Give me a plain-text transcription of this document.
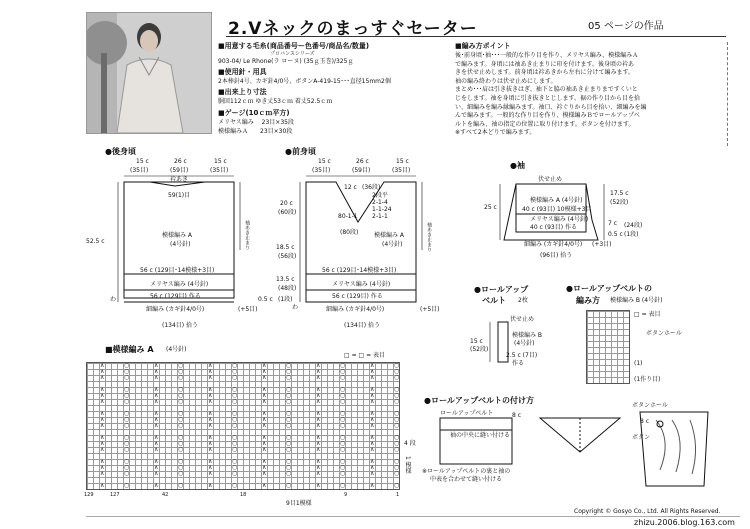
2.Vネックのまっすぐセーター	05 ページの作品
■用意する毛糸(商品番号ー色番号/商品名/数量)
プロバンスシリーズ
903-04/ Le Rhone(ラ ローヌ) (35ｇ玉巻)/325ｇ
■使用針・用具
2本棒針4号、カギ針4/0号、ボタンA-419-15･･･直径15mm2個
■出来上り寸法
胴回112ｃｍ ゆき丈53ｃｍ 着丈52.5ｃｍ
■ゲージ(10ｃｍ平方)
メリヤス編み　 23目×35段
模様編みＡ　　23目×30段
■編み方ポイント
後･前身頃･袖･･･一般的な作り目を作り、メリヤス編み、模様編みＡ
で編みます。身頃には袖あき止まりに印を付けます。後身頃の衿あ
きを伏せ止めします。前身頃は衿あきから左右に分けて編みます。
袖の編み終わりは伏せ止めにします。
まとめ･･･肩は引き抜きはぎ、袖下と脇の袖あき止まりまですくいと
じをします。袖を身頃に引き抜きとじします。裾の作り目から目を拾
い、細編みを編み縁編みます。袖口、衿ぐりから目を拾い、細編みを編
んで編みます。一般的な作り目を作り、模様編みＢでロールアップベ
ルトを編み、袖の指定の位置に取り付けます。ボタンを付けます。
※すべて2本どりで編みます。
●後身頃
15 c
(35目)
26 c
(59目)
15 c
(35目)
衿あき
59(1)目
52.5 c
模様編み A
(4号針)	袖あき止まり
56 c (129目･14模様+3目)
メリヤス編み (4号針)
56 c (129目) 作る
わ
細編み (カギ針4/0号)
(134目) 拾う
●前身頃
15 c
(35目)
26 c
(59目)
15 c
(35目)
12 c (36段)
2段平
2-1-4
1-1-24
2-1-1
80-1-1
(80段)
20 c
(60段)
18.5 c
(56段)
13.5 c
(48段)
0.5 c (1段)
模様編み A
(4号針)	袖あき止まり
56 c (129目･14模様+3目)
メリヤス編み (4号針)
56 c (129目) 作る
わ	細編み (カギ針4/0号)
(134目) 拾う
(+5目)
(+5目)
●袖
伏せ止め
25 c
模様編み A (4号針)
40 c (93目) 10模様+3目
メリヤス編み (4号針)
40 c (93目) 作る
17.5 c
(52段)
7 c (24段)
0.5 c (1段)
細編み (カギ針4/0号) (+3目)
(96目) 拾う
●ロールアップ
ベルト 2枚
伏せ止め
15 c
(52段)
模様編み B
(4号針)
2.5 c (7目)
作る
●ロールアップベルトの
編み方 模様編み B (4号針)
□ = 表目
ボタンホール
(1)
(1作り目)
■模様編み A (4号針)
□ = □ = 表目
∧	○	∧	○	∧	○	∧	○	∧	○	∧	○
∧	○	∧	○	∧	○	∧	○	∧	○	∧	○
∧	○	∧	○	∧	○	∧	○	∧	○	∧	○
∧	○	∧	○	∧	○	∧	○	∧	○	∧	○
∧	○	∧	○	∧	○	∧	○	∧	○	∧	○
∧	○	∧	○	∧	○	∧	○	∧	○	∧	○
∧	○	∧	○	∧	○	∧	○	∧	○	∧	○
∧	○	∧	○	∧	○	∧	○	∧	○	∧	○
∧	○	∧	○	∧	○	∧	○	∧	○	∧	○
∧	○	∧	○	∧	○	∧	○	∧	○	∧	○
∧	○	∧	○	∧	○	∧	○	∧	○	∧	○
∧	○	∧	○	∧	○	∧	○	∧	○	∧	○
∧	○	∧	○	∧	○	∧	○	∧	○	∧	○
∧	○	∧	○	∧	○	∧	○	∧	○	∧	○
∧	○	∧	○	∧	○	∧	○	∧	○	∧	○
∧	○	∧	○	∧	○	∧	○	∧	○	∧	○
4 段
1 模様
129	127	42	18	9	1
9目1模様
●ロールアップベルトの付け方
ロールアップベルト	8 c
袖の中央に縫い付ける
※ロールアップベルトの裏と袖の
中表を合わせて縫い付ける
ボタンホール
ボタン
8 c
Copyright © Gosyo Co., Ltd. All Rights Reserved.
zhizu.2006.blog.163.com
